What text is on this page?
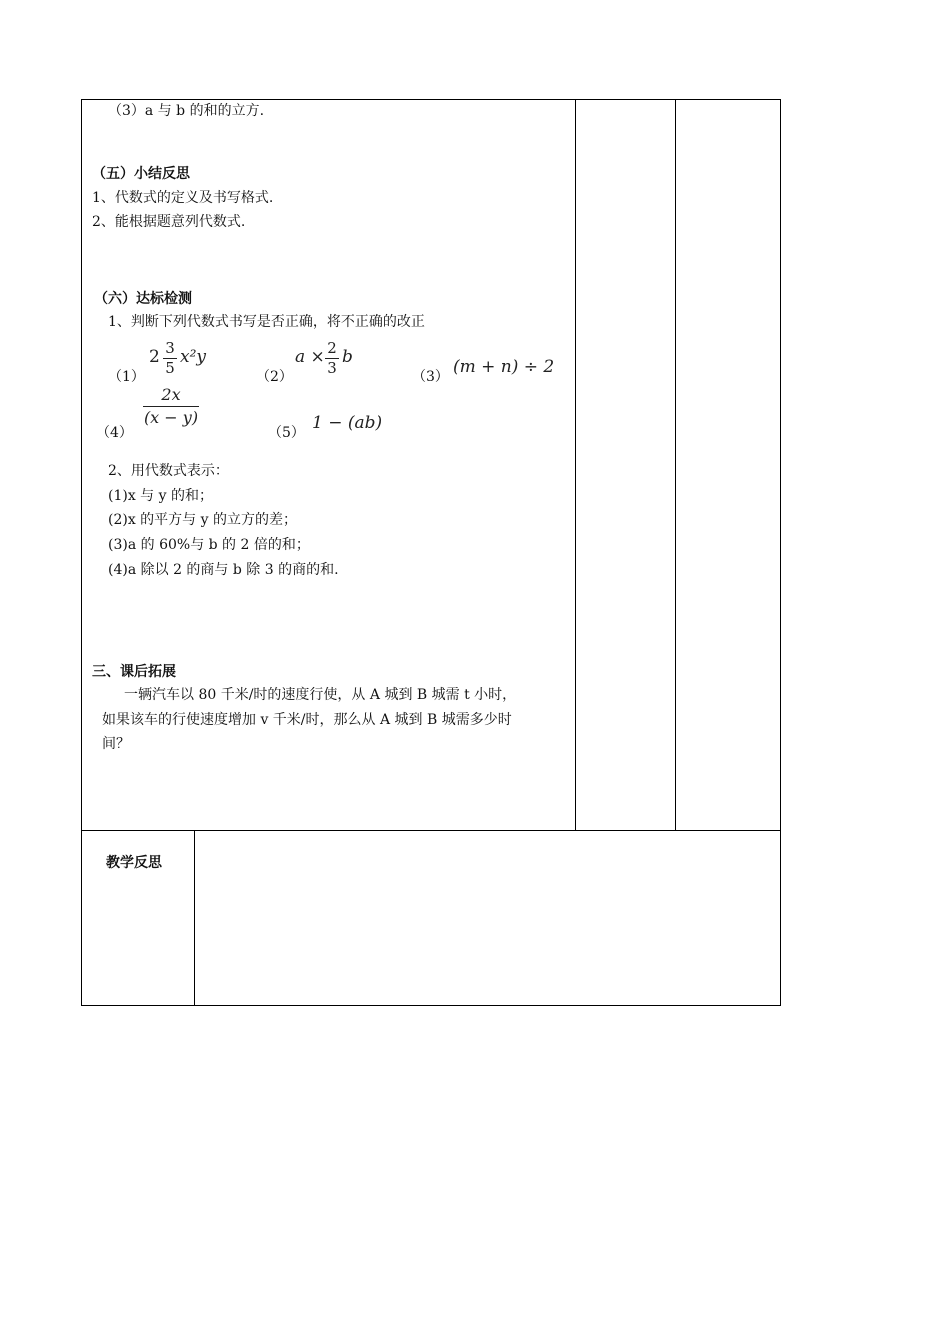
（3）a 与 b 的和的立方.
（五）小结反思
1、代数式的定义及书写格式.
2、能根据题意列代数式.
（六）达标检测
1、判断下列代数式书写是否正确，将不正确的改正
（1）
2 3
5
x²y
（2）
a × 2
3
b
（3） (m + n) ÷ 2
（4）
2x
(x − y)
（5） 1 − (ab)
2、用代数式表示：
(1)x 与 y 的和；
(2)x 的平方与 y 的立方的差；
(3)a 的 60%与 b 的 2 倍的和；
(4)a 除以 2 的商与 b 除 3 的商的和.
三、课后拓展
一辆汽车以 80 千米/时的速度行使，从 A 城到 B 城需 t 小时，
如果该车的行使速度增加 v 千米/时，那么从 A 城到 B 城需多少时
间？
教学反思
